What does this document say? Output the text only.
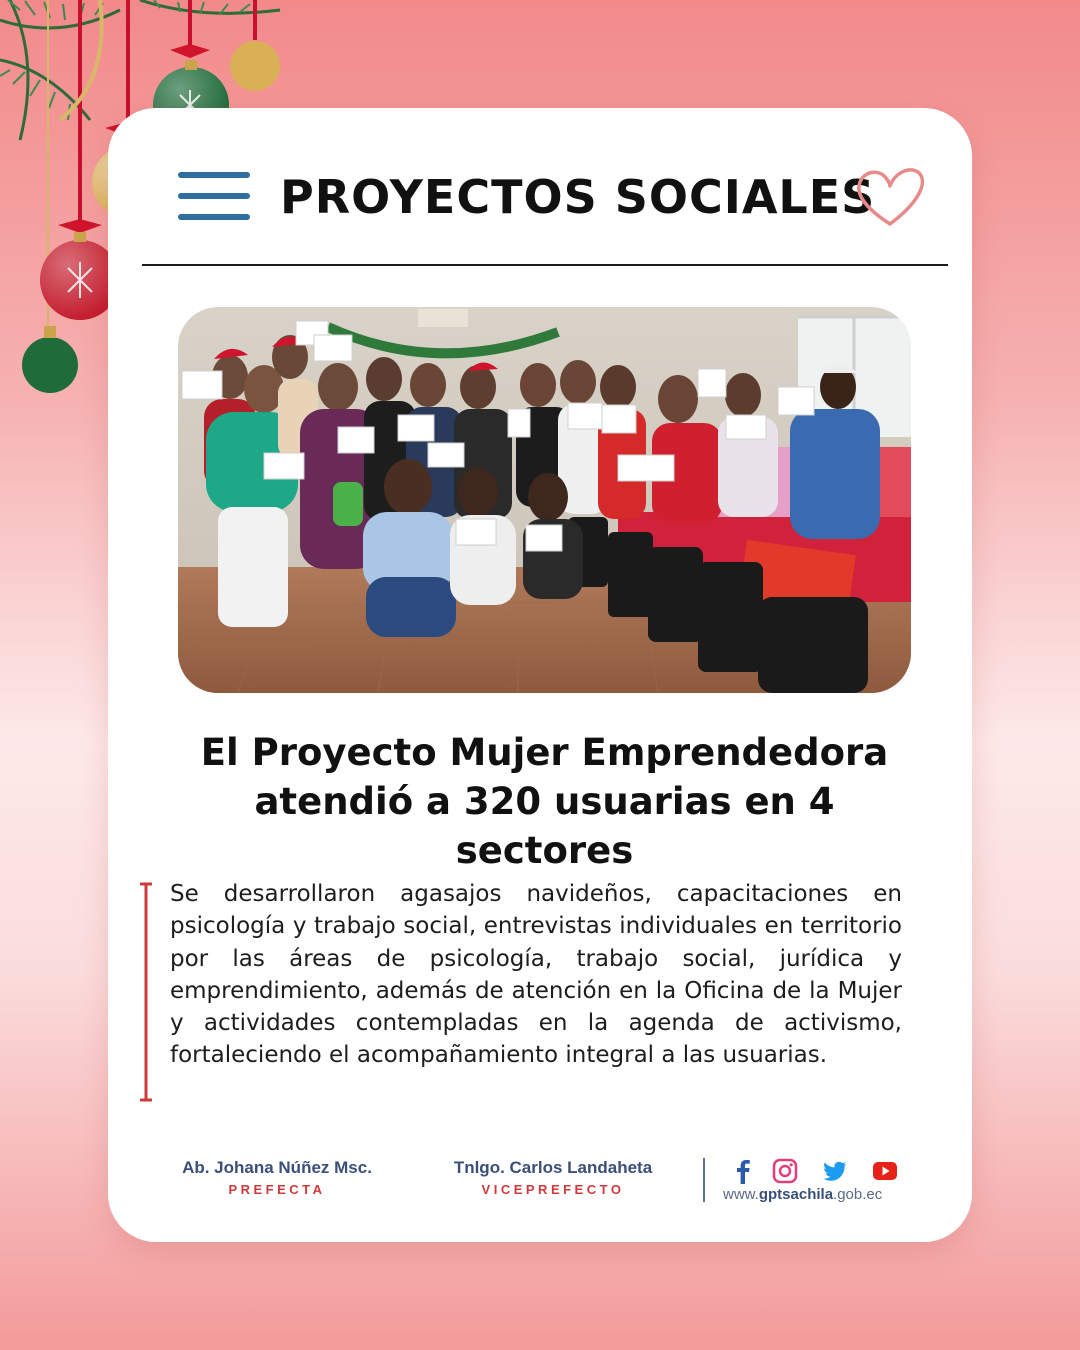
PROYECTOS SOCIALES
El Proyecto Mujer Emprendedora atendió a 320 usuarias en 4 sectores
Se desarrollaron agasajos navideños, capacitaciones en psicología y trabajo social, entrevistas individuales en territorio por las áreas de psicología, trabajo social, jurídica y emprendimiento, además de atención en la Oficina de la Mujer y actividades contempladas en la agenda de activismo, fortaleciendo el acompañamiento integral a las usuarias.
Ab. Johana Núñez Msc.
PREFECTA
Tnlgo. Carlos Landaheta
VICEPREFECTO	www.gptsachila.gob.ec
